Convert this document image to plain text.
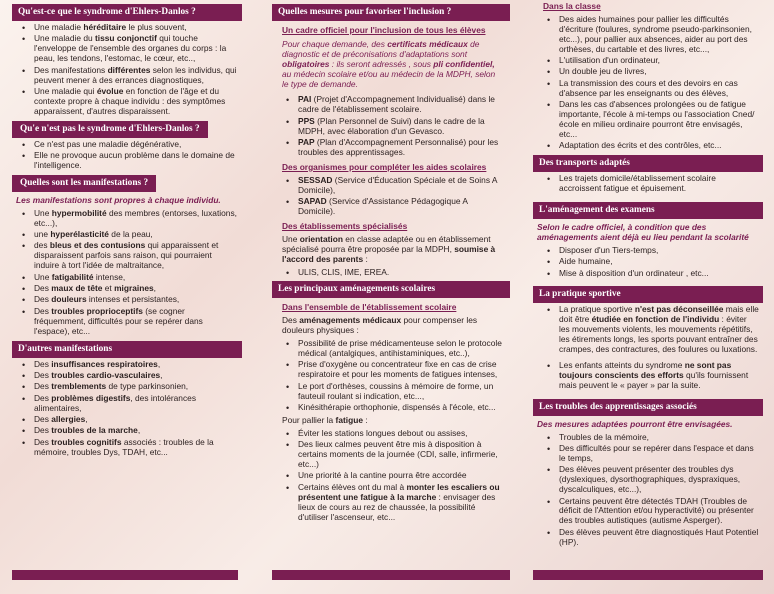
Qu'est-ce que le syndrome d'Ehlers-Danlos ?
• Une maladie héréditaire le plus souvent,
• Une maladie du tissu conjonctif qui touche l'enveloppe de l'ensemble des organes du corps : la peau, les tendons, l'estomac, le cœur, etc..,
• Des manifestations différentes selon les individus, qui peuvent mener à des errances diagnostiques,
• Une maladie qui évolue en fonction de l'âge et du contexte propre à chaque individu : des symptômes apparaissent, d'autres disparaissent.
Qu'e n'est pas le syndrome d'Ehlers-Danlos ?
• Ce n'est pas une maladie dégénérative,
• Elle ne provoque aucun problème dans le domaine de l'intelligence.
Quelles sont les manifestations ?
Les manifestations sont propres à chaque individu.
• Une hypermobilité des membres (entorses, luxations, etc...),
• une hyperélasticité de la peau,
• des bleus et des contusions qui apparaissent et disparaissent parfois sans raison, qui pourraient induire à tort l'idée de maltraitance,
• Une fatigabilité intense,
• Des maux de tête et migraines,
• Des douleurs intenses et persistantes,
• Des troubles proprioceptifs (se cogner fréquemment, difficultés pour se repérer dans l'espace), etc...
D'autres manifestations
• Des insuffisances respiratoires,
• Des troubles cardio-vasculaires,
• Des tremblements de type parkinsonien,
• Des problèmes digestifs, des intolérances alimentaires,
• Des allergies,
• Des troubles de la marche,
• Des troubles cognitifs associés : troubles de la mémoire, troubles Dys, TDAH, etc...
Quelles mesures pour favoriser l'inclusion ?
Un cadre officiel pour l'inclusion de tous les élèves
Pour chaque demande, des certificats médicaux de diagnostic et de préconisations d'adaptations sont obligatoires : ils seront adressés , sous pli confidentiel, au médecin scolaire et/ou au médecin de la MDPH, selon le type de demande.
• PAI (Projet d'Accompagnement Individualisé) dans le cadre de l'établissement scolaire.
• PPS (Plan Personnel de Suivi) dans le cadre de la MDPH, avec élaboration d'un Gevasco.
• PAP (Plan d'Accompagnement Personnalisé) pour les troubles des apprentissages.
Des organismes pour compléter les aides scolaires
• SESSAD (Service d'Éducation Spéciale et de Soins A Domicile),
• SAPAD (Service d'Assistance Pédagogique A Domicile).
Des établissements spécialisés
Une orientation en classe adaptée ou en établissement spécialisé pourra être proposée par la MDPH, soumise à l'accord des parents :
• ULIS, CLIS, IME, EREA.
Les principaux aménagements scolaires
Dans l'ensemble de l'établissement scolaire
Des aménagements médicaux pour compenser les douleurs physiques :
• Possibilité de prise médicamenteuse selon le protocole médical (antalgiques, antihistaminiques, etc..),
• Prise d'oxygène ou concentrateur fixe en cas de crise respiratoire et pour les moments de fatigues intenses,
• Le port d'orthèses, coussins à mémoire de forme, un fauteuil roulant si indication, etc...,
• Kinésithérapie orthophonie, dispensés à l'école, etc...
Pour pallier la fatigue :
• Éviter les stations longues debout ou assises,
• Des lieux calmes peuvent être mis à disposition à certains moments de la journée (CDI, salle, infirmerie, etc...)
• Une priorité à la cantine pourra être accordée
• Certains élèves ont du mal à monter les escaliers ou présentent une fatigue à la marche : envisager des lieux de cours au rez de chaussée, la possibilité d'utiliser l'ascenseur, etc...
Dans la classe
• Des aides humaines pour pallier les difficultés d'écriture (foulures, syndrome pseudo-parkinsonien, etc...), pour pallier aux absences, aider au port des orthèses, du cartable et des livres, etc...,
• L'utilisation d'un ordinateur,
• Un double jeu de livres,
• La transmission des cours et des devoirs en cas d'absence par les enseignants ou des élèves,
• Dans les cas d'absences prolongées ou de fatigue importante, l'école à mi-temps ou l'association Cned/école en milieu ordinaire pourront être envisagés, etc...
• Adaptation des écrits et des contrôles, etc...
Des transports adaptés
• Les trajets domicile/établissement scolaire accroissent fatigue et épuisement.
L'aménagement des examens
Selon le cadre officiel, à condition que des aménagements aient déjà eu lieu pendant la scolarité
• Disposer d'un Tiers-temps,
• Aide humaine,
• Mise à disposition d'un ordinateur , etc...
La pratique sportive
• La pratique sportive n'est pas déconseillée mais elle doit être étudiée en fonction de l'individu : éviter les mouvements violents, les mouvements répétitifs, les étirements longs, les sports pouvant entraîner des crampes, des contractures, des foulures ou luxations.
• Les enfants atteints du syndrome ne sont pas toujours conscients des efforts qu'ils fournissent mais peuvent le « payer » par la suite.
Les troubles des apprentissages associés
Des mesures adaptées pourront être envisagées.
• Troubles de la mémoire,
• Des difficultés pour se repérer dans l'espace et dans le temps,
• Des élèves peuvent présenter des troubles dys (dyslexiques, dysorthographiques, dyspraxiques, dyscalculiques, etc...),
• Certains peuvent être détectés TDAH (Troubles de déficit de l'Attention et/ou hyperactivité) ou présenter des troubles autistiques (autisme Asperger).
• Des élèves peuvent être diagnostiqués Haut Potentiel (HP).
